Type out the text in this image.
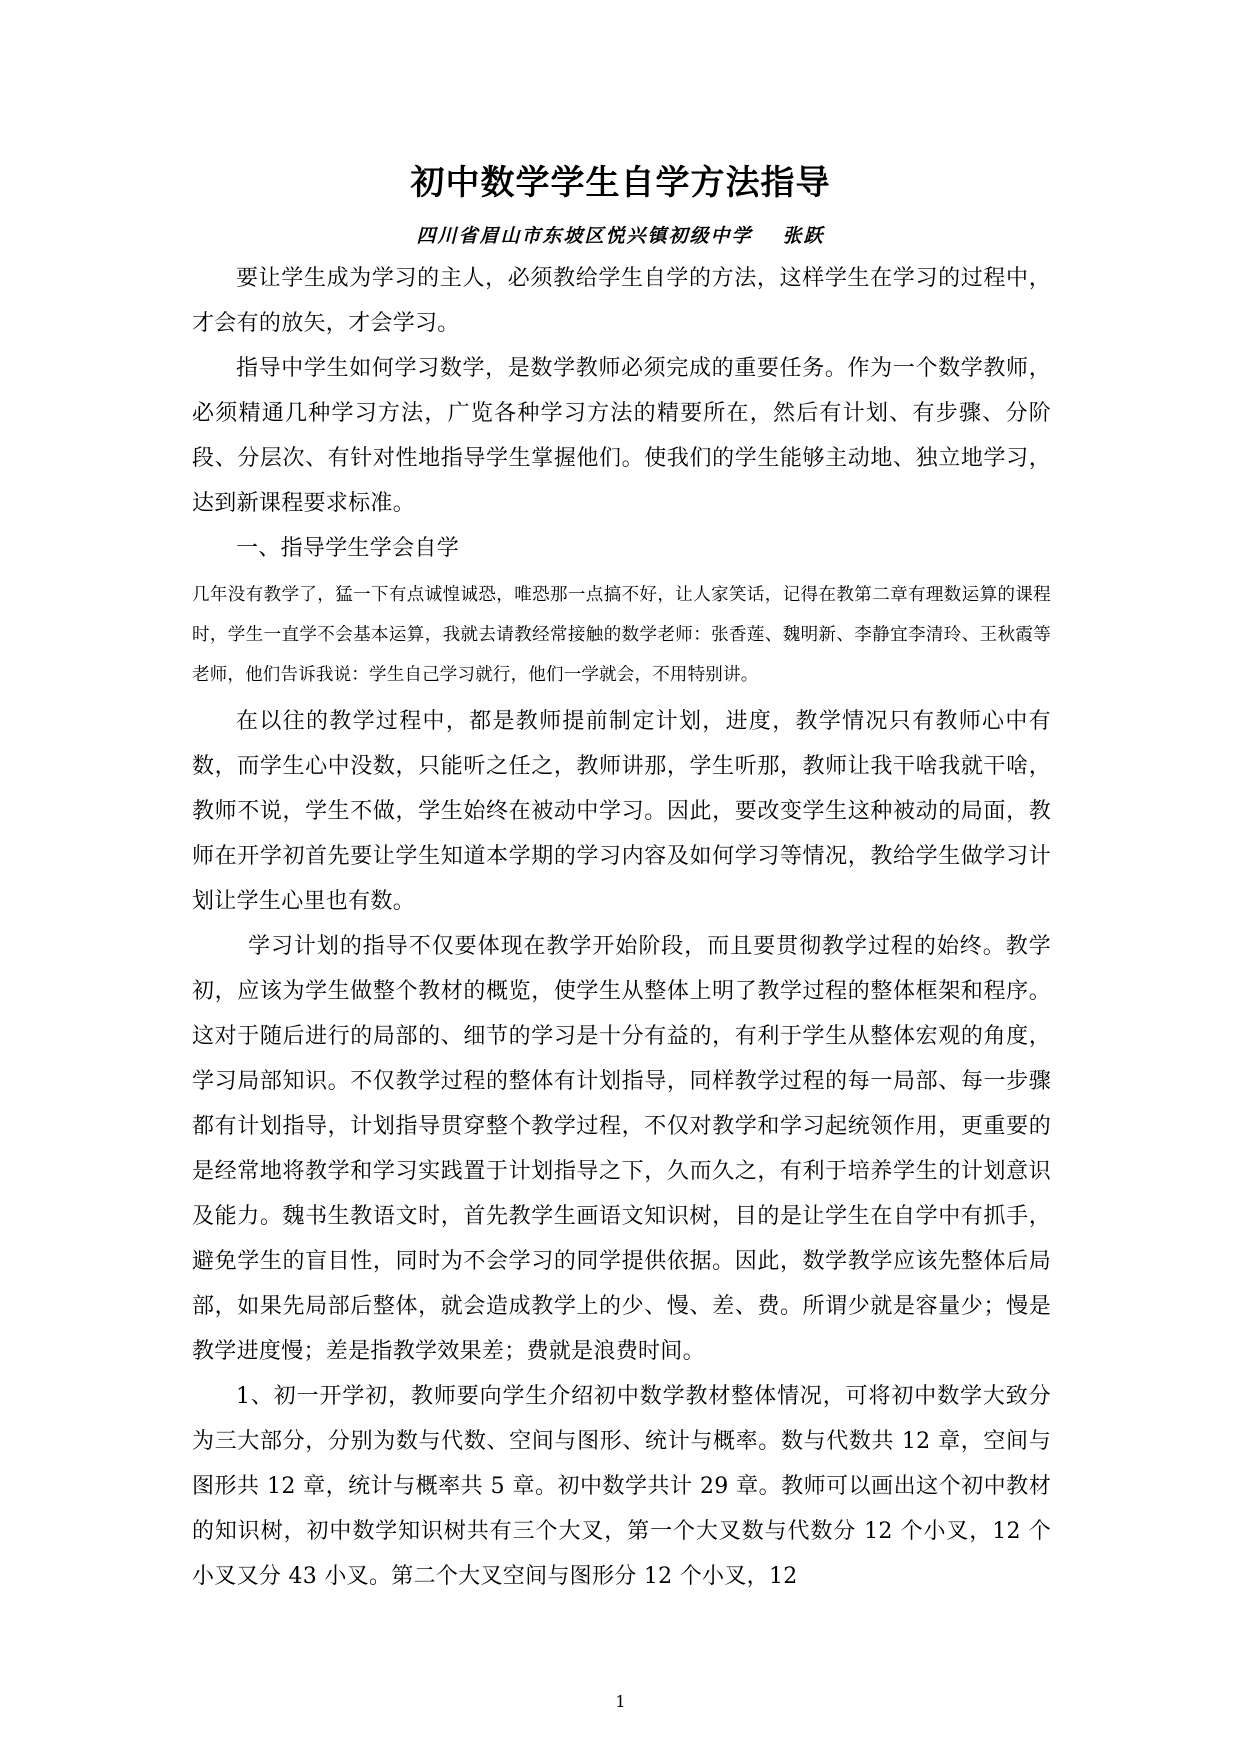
初中数学学生自学方法指导
四川省眉山市东坡区悦兴镇初级中学 张跃

要让学生成为学习的主人，必须教给学生自学的方法，这样学生在学习的过程中，才会有的放矢，才会学习。

指导中学生如何学习数学，是数学教师必须完成的重要任务。作为一个数学教师，必须精通几种学习方法，广览各种学习方法的精要所在，然后有计划、有步骤、分阶段、分层次、有针对性地指导学生掌握他们。使我们的学生能够主动地、独立地学习，达到新课程要求标准。

一、指导学生学会自学

几年没有教学了，猛一下有点诚惶诚恐，唯恐那一点搞不好，让人家笑话，记得在教第二章有理数运算的课程时，学生一直学不会基本运算，我就去请教经常接触的数学老师：张香莲、魏明新、李静宜李清玲、王秋霞等老师，他们告诉我说：学生自己学习就行，他们一学就会，不用特别讲。

在以往的教学过程中，都是教师提前制定计划，进度，教学情况只有教师心中有数，而学生心中没数，只能听之任之，教师讲那，学生听那，教师让我干啥我就干啥，教师不说，学生不做，学生始终在被动中学习。因此，要改变学生这种被动的局面，教师在开学初首先要让学生知道本学期的学习内容及如何学习等情况，教给学生做学习计划让学生心里也有数。

学习计划的指导不仅要体现在教学开始阶段，而且要贯彻教学过程的始终。教学初，应该为学生做整个教材的概览，使学生从整体上明了教学过程的整体框架和程序。这对于随后进行的局部的、细节的学习是十分有益的，有利于学生从整体宏观的角度，学习局部知识。不仅教学过程的整体有计划指导，同样教学过程的每一局部、每一步骤都有计划指导，计划指导贯穿整个教学过程，不仅对教学和学习起统领作用，更重要的是经常地将教学和学习实践置于计划指导之下，久而久之，有利于培养学生的计划意识及能力。魏书生教语文时，首先教学生画语文知识树，目的是让学生在自学中有抓手，避免学生的盲目性，同时为不会学习的同学提供依据。因此，数学教学应该先整体后局部，如果先局部后整体，就会造成教学上的少、慢、差、费。所谓少就是容量少；慢是教学进度慢；差是指教学效果差；费就是浪费时间。

1、初一开学初，教师要向学生介绍初中数学教材整体情况，可将初中数学大致分为三大部分，分别为数与代数、空间与图形、统计与概率。数与代数共 12 章，空间与图形共 12 章，统计与概率共 5 章。初中数学共计 29 章。教师可以画出这个初中教材的知识树，初中数学知识树共有三个大叉，第一个大叉数与代数分 12 个小叉，12 个小叉又分 43 小叉。第二个大叉空间与图形分 12 个小叉，12

1
